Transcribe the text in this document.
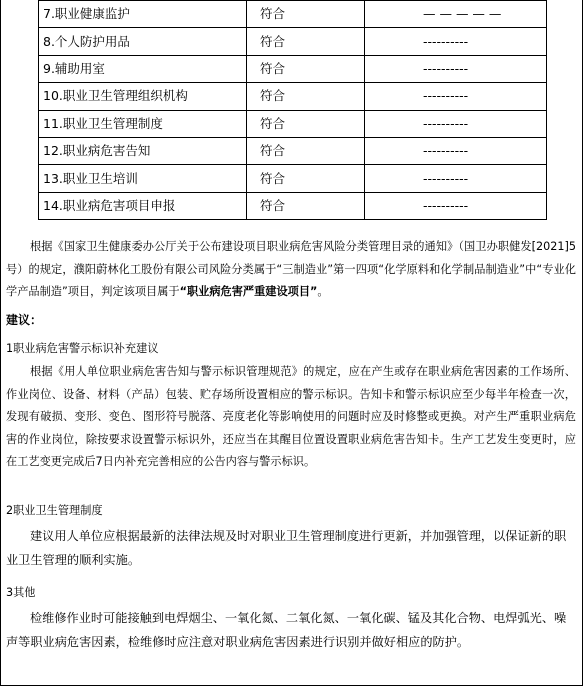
7.职业健康监护	符合	— — — — —
8.个人防护用品	符合	----------
9.辅助用室	符合	----------
10.职业卫生管理组织机构	符合	----------
11.职业卫生管理制度	符合	----------
12.职业病危害告知	符合	----------
13.职业卫生培训	符合	----------
14.职业病危害项目申报	符合	----------

根据《国家卫生健康委办公厅关于公布建设项目职业病危害风险分类管理目录的通知》（国卫办职健发[2021]5号）的规定，濮阳蔚林化工股份有限公司风险分类属于“三制造业”第一四项“化学原料和化学制品制造业”中“专业化学产品制造”项目，判定该项目属于“职业病危害严重建设项目”。

建议：

1职业病危害警示标识补充建议

根据《用人单位职业病危害告知与警示标识管理规范》的规定，应在产生或存在职业病危害因素的工作场所、作业岗位、设备、材料（产品）包装、贮存场所设置相应的警示标识。告知卡和警示标识应至少每半年检查一次，发现有破损、变形、变色、图形符号脱落、亮度老化等影响使用的问题时应及时修整或更换。对产生严重职业病危害的作业岗位，除按要求设置警示标识外，还应当在其醒目位置设置职业病危害告知卡。生产工艺发生变更时，应在工艺变更完成后7日内补充完善相应的公告内容与警示标识。

2职业卫生管理制度

建议用人单位应根据最新的法律法规及时对职业卫生管理制度进行更新，并加强管理，以保证新的职业卫生管理的顺利实施。

3其他

检维修作业时可能接触到电焊烟尘、一氧化氮、二氧化氮、一氧化碳、锰及其化合物、电焊弧光、噪声等职业病危害因素，检维修时应注意对职业病危害因素进行识别并做好相应的防护。
